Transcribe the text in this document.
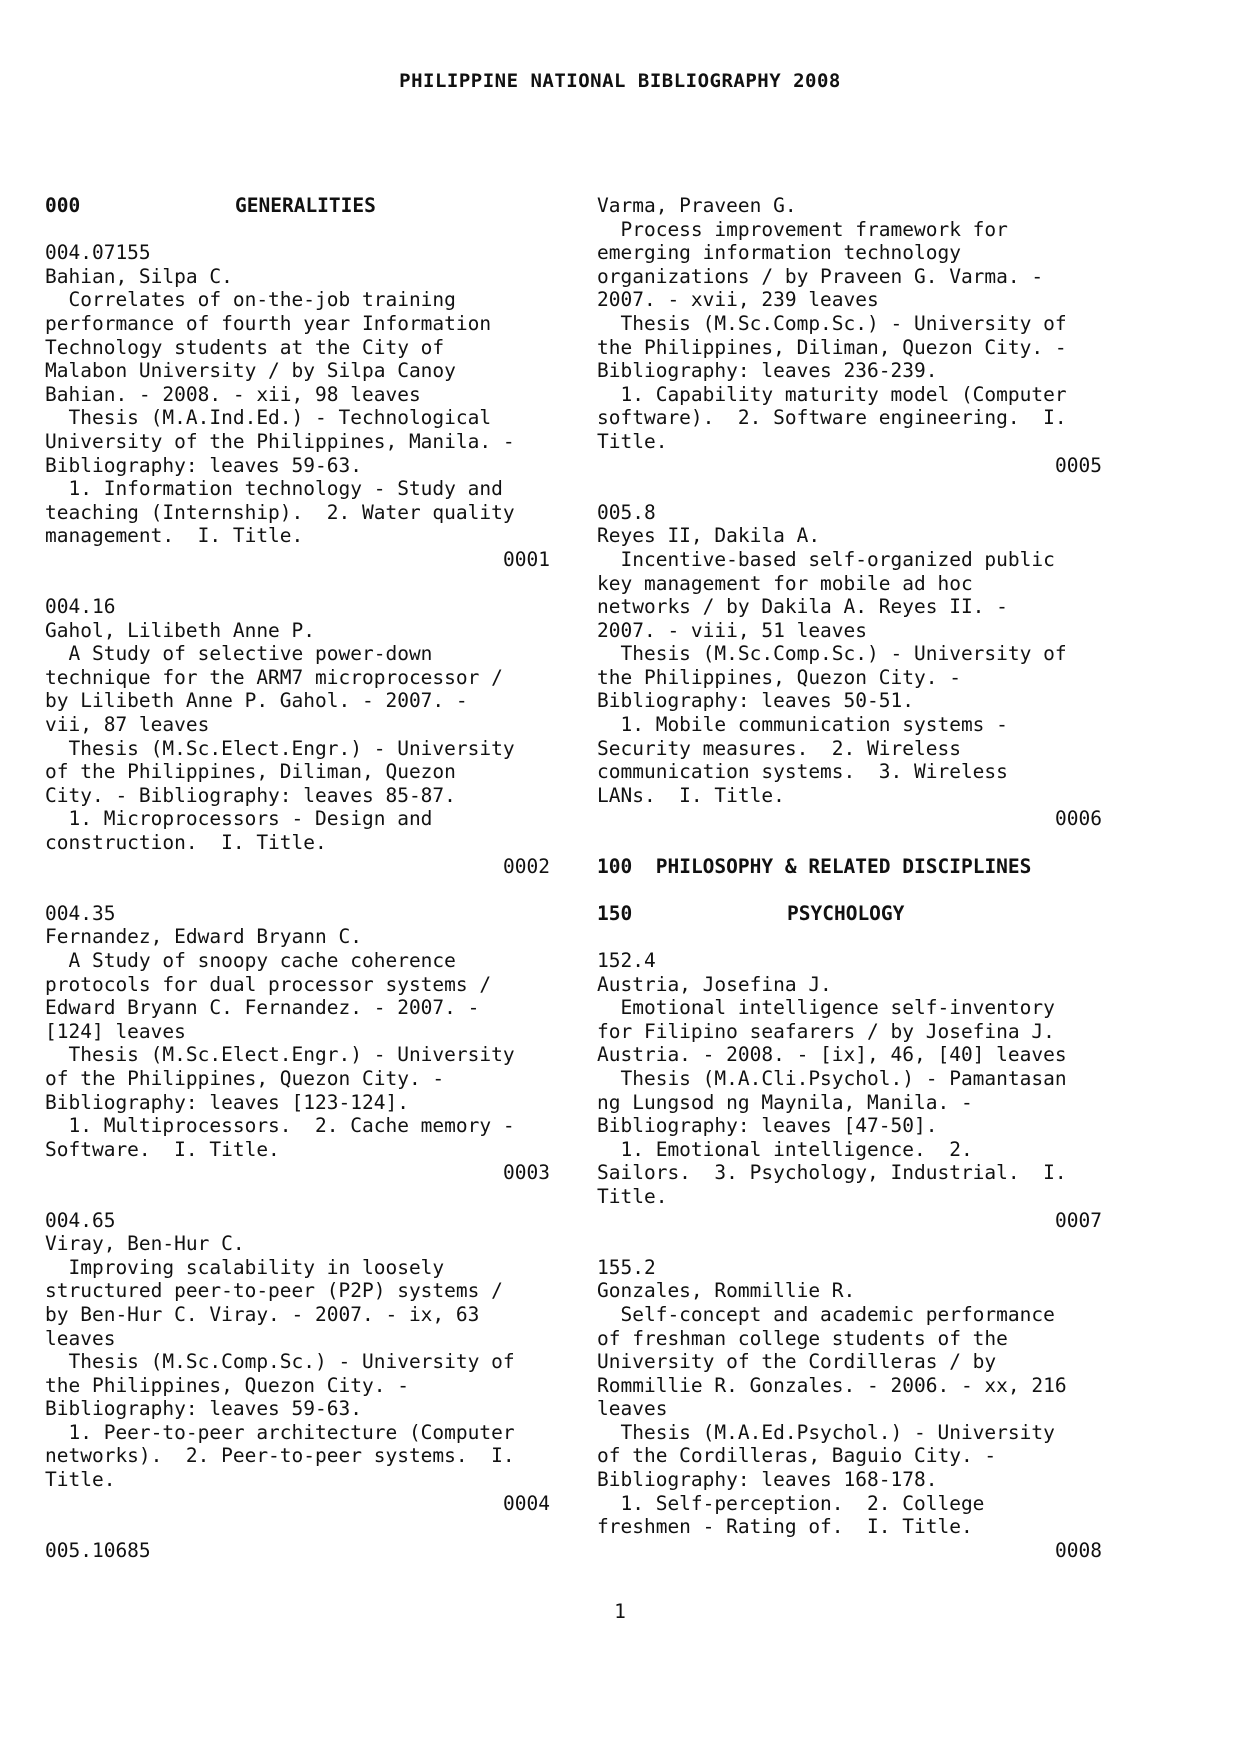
PHILIPPINE NATIONAL BIBLIOGRAPHY 2008
000	GENERALITIES
004.07155
Bahian, Silpa C.
Correlates of on-the-job training
performance of fourth year Information
Technology students at the City of
Malabon University / by Silpa Canoy
Bahian. - 2008. - xii, 98 leaves
Thesis (M.A.Ind.Ed.) - Technological
University of the Philippines, Manila. -
Bibliography: leaves 59-63.
1. Information technology - Study and
teaching (Internship).  2. Water quality
management.  I. Title.
0001
004.16
Gahol, Lilibeth Anne P.
A Study of selective power-down
technique for the ARM7 microprocessor /
by Lilibeth Anne P. Gahol. - 2007. -
vii, 87 leaves
Thesis (M.Sc.Elect.Engr.) - University
of the Philippines, Diliman, Quezon
City. - Bibliography: leaves 85-87.
1. Microprocessors - Design and
construction.  I. Title.
0002
004.35
Fernandez, Edward Bryann C.
A Study of snoopy cache coherence
protocols for dual processor systems /
Edward Bryann C. Fernandez. - 2007. -
[124] leaves
Thesis (M.Sc.Elect.Engr.) - University
of the Philippines, Quezon City. -
Bibliography: leaves [123-124].
1. Multiprocessors.  2. Cache memory -
Software.  I. Title.
0003
004.65
Viray, Ben-Hur C.
Improving scalability in loosely
structured peer-to-peer (P2P) systems /
by Ben-Hur C. Viray. - 2007. - ix, 63
leaves
Thesis (M.Sc.Comp.Sc.) - University of
the Philippines, Quezon City. -
Bibliography: leaves 59-63.
1. Peer-to-peer architecture (Computer
networks).  2. Peer-to-peer systems.  I.
Title.
0004
005.10685
Varma, Praveen G.
Process improvement framework for
emerging information technology
organizations / by Praveen G. Varma. -
2007. - xvii, 239 leaves
Thesis (M.Sc.Comp.Sc.) - University of
the Philippines, Diliman, Quezon City. -
Bibliography: leaves 236-239.
1. Capability maturity model (Computer
software).  2. Software engineering.  I.
Title.
0005
005.8
Reyes II, Dakila A.
Incentive-based self-organized public
key management for mobile ad hoc
networks / by Dakila A. Reyes II. -
2007. - viii, 51 leaves
Thesis (M.Sc.Comp.Sc.) - University of
the Philippines, Quezon City. -
Bibliography: leaves 50-51.
1. Mobile communication systems -
Security measures.  2. Wireless
communication systems.  3. Wireless
LANs.  I. Title.
0006
100 PHILOSOPHY & RELATED DISCIPLINES
150	PSYCHOLOGY
152.4
Austria, Josefina J.
Emotional intelligence self-inventory
for Filipino seafarers / by Josefina J.
Austria. - 2008. - [ix], 46, [40] leaves
Thesis (M.A.Cli.Psychol.) - Pamantasan
ng Lungsod ng Maynila, Manila. -
Bibliography: leaves [47-50].
1. Emotional intelligence.  2.
Sailors.  3. Psychology, Industrial.  I.
Title.
0007
155.2
Gonzales, Rommillie R.
Self-concept and academic performance
of freshman college students of the
University of the Cordilleras / by
Rommillie R. Gonzales. - 2006. - xx, 216
leaves
Thesis (M.A.Ed.Psychol.) - University
of the Cordilleras, Baguio City. -
Bibliography: leaves 168-178.
1. Self-perception.  2. College
freshmen - Rating of.  I. Title.
0008
1
